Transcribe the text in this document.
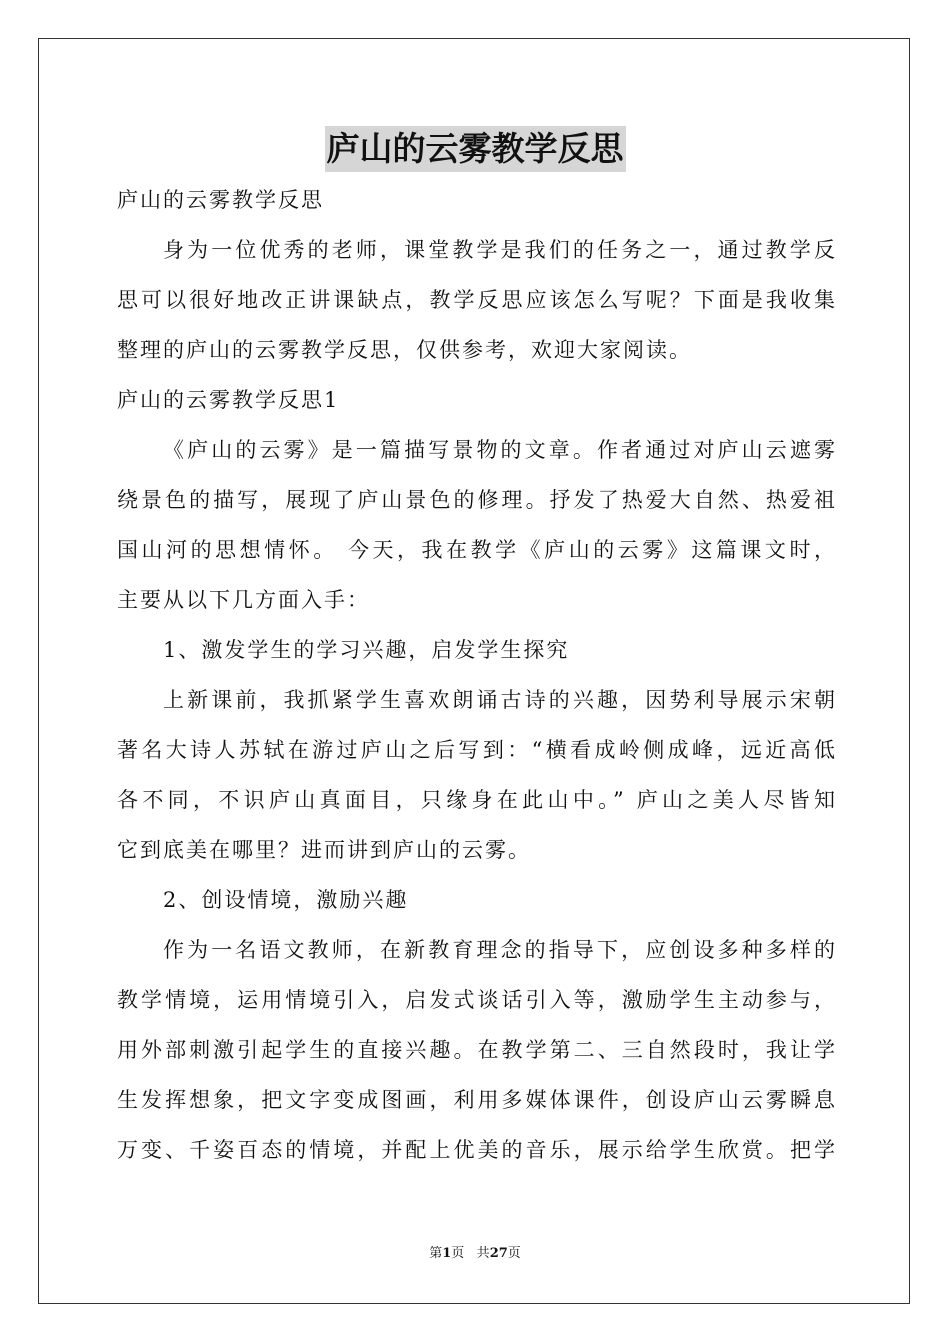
庐山的云雾教学反思
庐山的云雾教学反思
身为一位优秀的老师，课堂教学是我们的任务之一，通过教学反
思可以很好地改正讲课缺点，教学反思应该怎么写呢？下面是我收集
整理的庐山的云雾教学反思，仅供参考，欢迎大家阅读。
庐山的云雾教学反思1
《庐山的云雾》是一篇描写景物的文章。作者通过对庐山云遮雾
绕景色的描写，展现了庐山景色的修理。抒发了热爱大自然、热爱祖
国山河的思想情怀。 今天，我在教学《庐山的云雾》这篇课文时，
主要从以下几方面入手：
1、激发学生的学习兴趣，启发学生探究
上新课前，我抓紧学生喜欢朗诵古诗的兴趣，因势利导展示宋朝
著名大诗人苏轼在游过庐山之后写到：“横看成岭侧成峰，远近高低
各不同，不识庐山真面目，只缘身在此山中。” 庐山之美人尽皆知
它到底美在哪里？进而讲到庐山的云雾。
2、创设情境，激励兴趣
作为一名语文教师，在新教育理念的指导下，应创设多种多样的
教学情境，运用情境引入，启发式谈话引入等，激励学生主动参与，
用外部刺激引起学生的直接兴趣。在教学第二、三自然段时，我让学
生发挥想象，把文字变成图画，利用多媒体课件，创设庐山云雾瞬息
万变、千姿百态的情境，并配上优美的音乐，展示给学生欣赏。把学
第1页 共27页
